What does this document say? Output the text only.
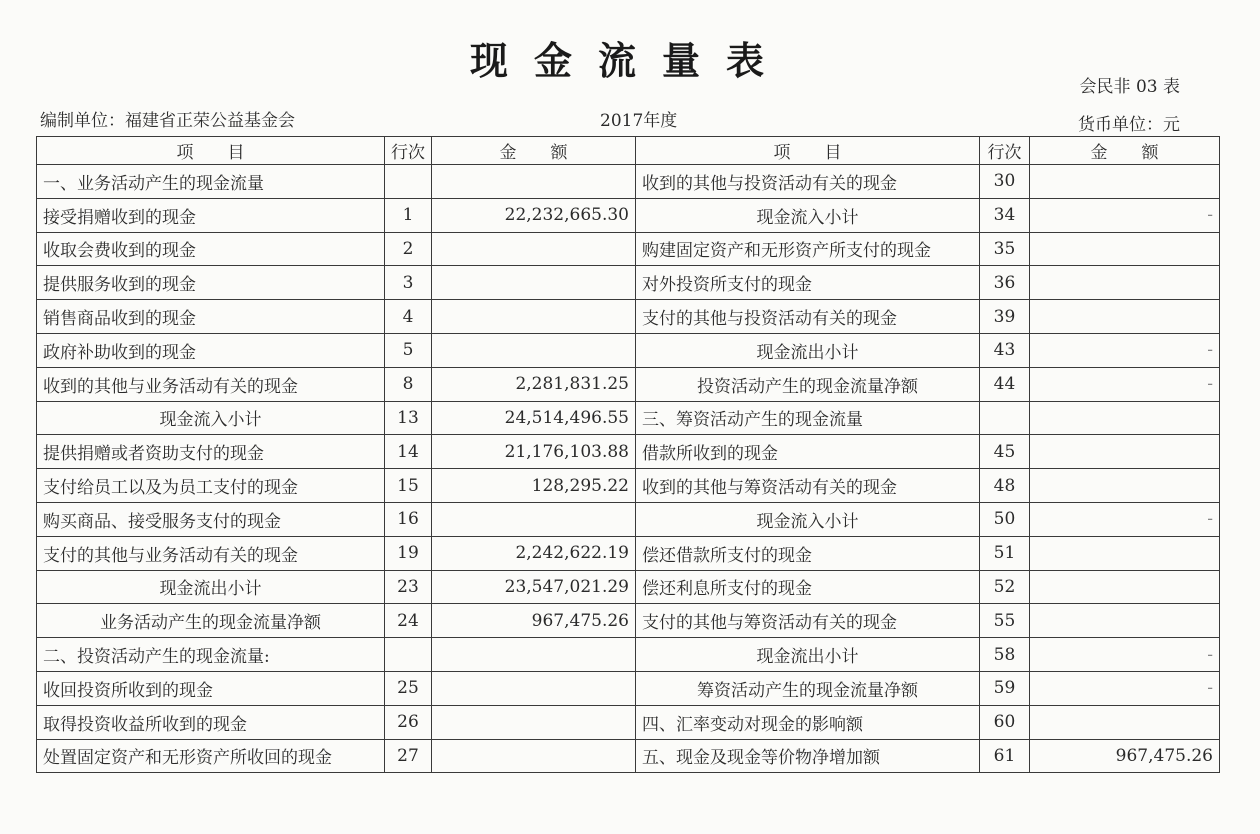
现金流量表
会民非 03 表
编制单位：福建省正荣公益基金会	2017年度	货币单位：元
项　　目	行次	金　　额	项　　目	行次	金　　额
一、业务活动产生的现金流量			收到的其他与投资活动有关的现金	30	
接受捐赠收到的现金	1	22,232,665.30	现金流入小计	34	-
收取会费收到的现金	2		购建固定资产和无形资产所支付的现金	35	
提供服务收到的现金	3		对外投资所支付的现金	36	
销售商品收到的现金	4		支付的其他与投资活动有关的现金	39	
政府补助收到的现金	5		现金流出小计	43	-
收到的其他与业务活动有关的现金	8	2,281,831.25	投资活动产生的现金流量净额	44	-
现金流入小计	13	24,514,496.55	三、筹资活动产生的现金流量		
提供捐赠或者资助支付的现金	14	21,176,103.88	借款所收到的现金	45	
支付给员工以及为员工支付的现金	15	128,295.22	收到的其他与筹资活动有关的现金	48	
购买商品、接受服务支付的现金	16		现金流入小计	50	-
支付的其他与业务活动有关的现金	19	2,242,622.19	偿还借款所支付的现金	51	
现金流出小计	23	23,547,021.29	偿还利息所支付的现金	52	
业务活动产生的现金流量净额	24	967,475.26	支付的其他与筹资活动有关的现金	55	
二、投资活动产生的现金流量:			现金流出小计	58	-
收回投资所收到的现金	25		筹资活动产生的现金流量净额	59	-
取得投资收益所收到的现金	26		四、汇率变动对现金的影响额	60	
处置固定资产和无形资产所收回的现金	27		五、现金及现金等价物净增加额	61	967,475.26
